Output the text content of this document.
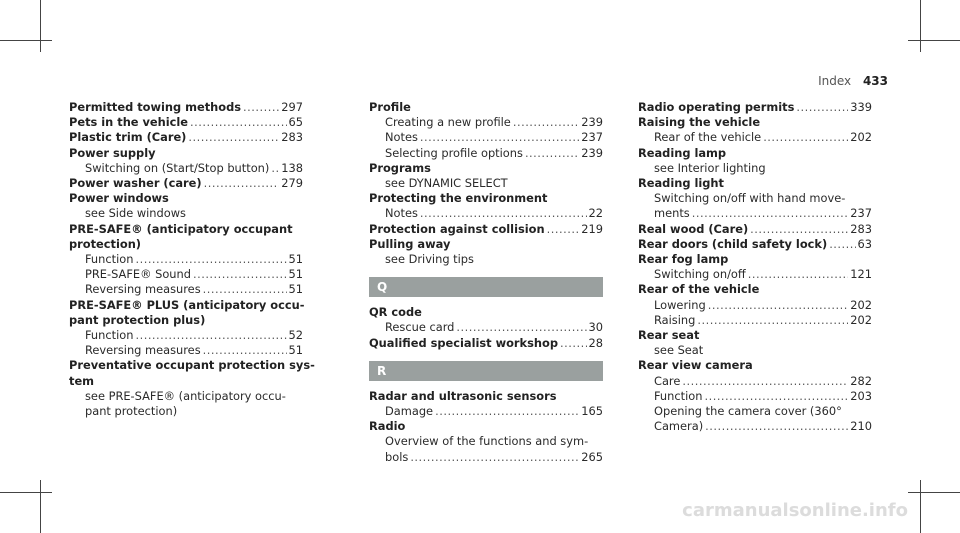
Index 433
Permitted towing methods .....	297
Pets in the vehicle .....	65
Plastic trim (Care) .....	283
Power supply
Switching on (Start/Stop button) ..... 138
Power washer (care) .....	279
Power windows
see Side windows
PRE-SAFE® (anticipatory occupant
protection)
Function .....	51
PRE-SAFE® Sound .....	51
Reversing measures .....	51
PRE-SAFE® PLUS (anticipatory occu-
pant protection plus)
Function .....	52
Reversing measures .....	51
Preventative occupant protection sys-
tem
see PRE-SAFE® (anticipatory occu-
pant protection)
Profile
Creating a new profile .....	239
Notes .....	237
Selecting profile options .....	239
Programs
see DYNAMIC SELECT
Protecting the environment
Notes .....	22
Protection against collision .....	219
Pulling away
see Driving tips
Q
QR code
Rescue card .....	30
Qualified specialist workshop .....	28
R
Radar and ultrasonic sensors
Damage .....	165
Radio
Overview of the functions and sym-
bols .....	265
Radio operating permits .....	339
Raising the vehicle
Rear of the vehicle .....	202
Reading lamp
see Interior lighting
Reading light
Switching on/off with hand move-
ments .....	237
Real wood (Care) .....	283
Rear doors (child safety lock) .....	63
Rear fog lamp
Switching on/off .....	121
Rear of the vehicle
Lowering .....	202
Raising .....	202
Rear seat
see Seat
Rear view camera
Care .....	282
Function .....	203
Opening the camera cover (360°
Camera) .....	210
carmanualsonline.info
